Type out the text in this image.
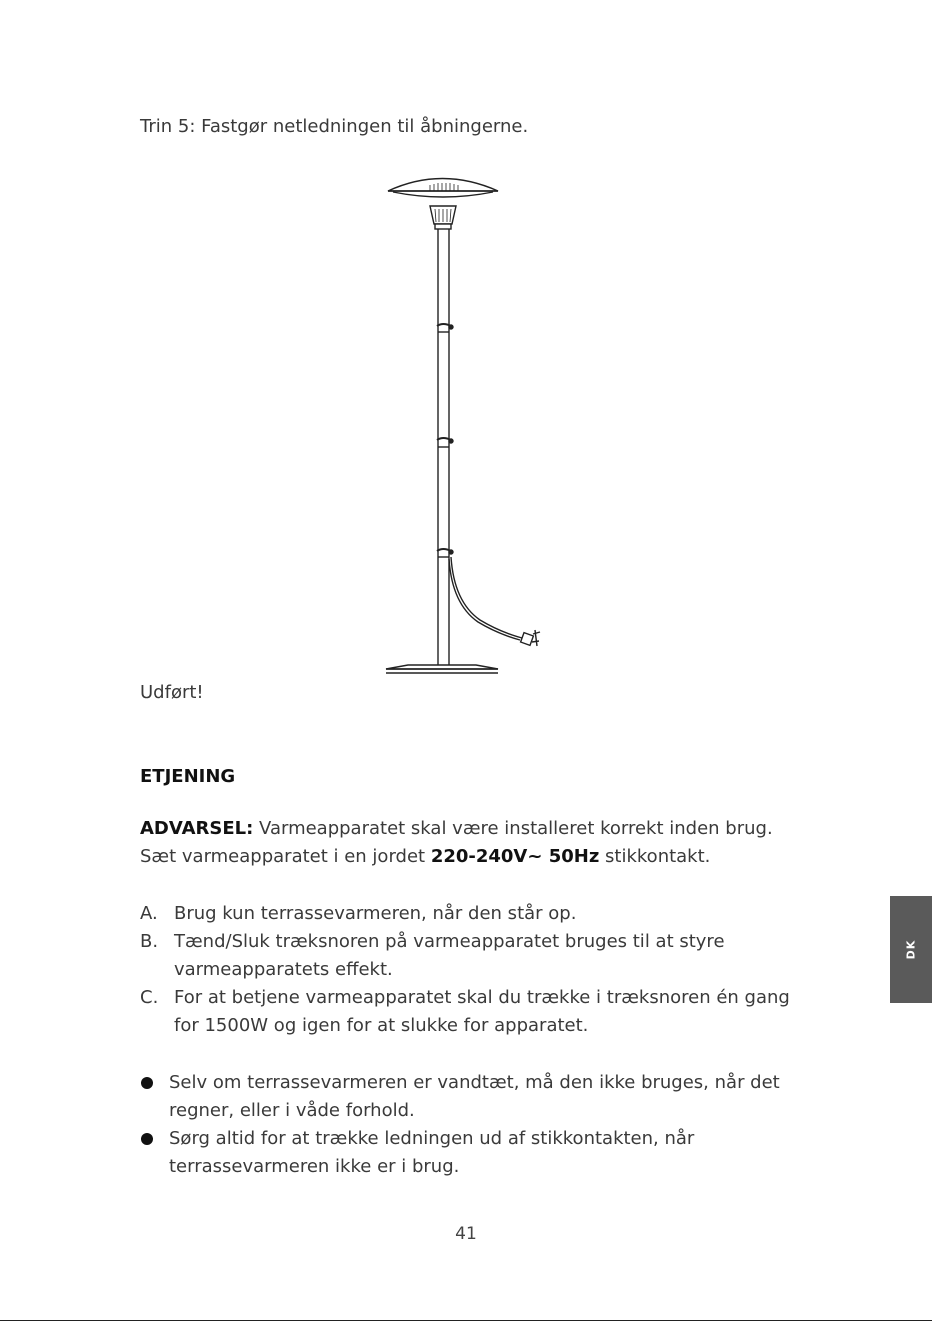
Trin 5: Fastgør netledningen til åbningerne.
Udført!
ETJENING
ADVARSEL: Varmeapparatet skal være installeret korrekt inden brug.
Sæt varmeapparatet i en jordet 220-240V~ 50Hz stikkontakt.
A. Brug kun terrassevarmeren, når den står op.
B. Tænd/Sluk træksnoren på varmeapparatet bruges til at styre
varmeapparatets effekt.
C. For at betjene varmeapparatet skal du trække i træksnoren én gang
for 1500W og igen for at slukke for apparatet.
Selv om terrassevarmeren er vandtæt, må den ikke bruges, når det
regner, eller i våde forhold.
Sørg altid for at trække ledningen ud af stikkontakten, når
terrassevarmeren ikke er i brug.
DK
41
